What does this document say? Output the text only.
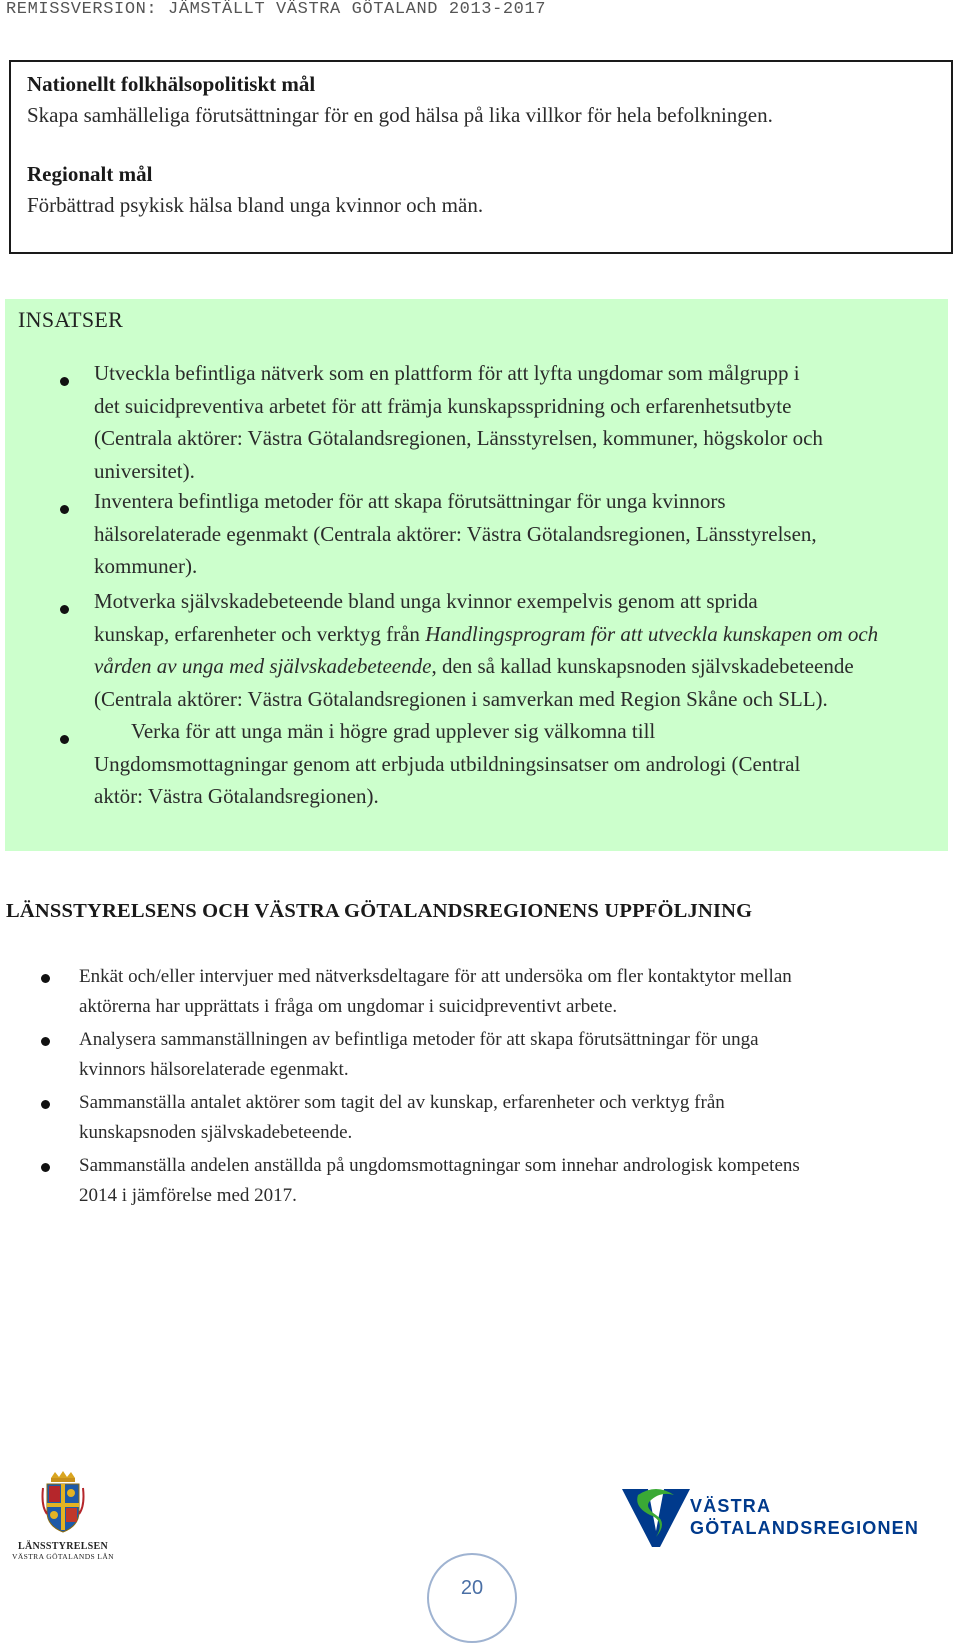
REMISSVERSION: JÄMSTÄLLT VÄSTRA GÖTALAND 2013-2017
Nationellt folkhälsopolitiskt mål
Skapa samhälleliga förutsättningar för en god hälsa på lika villkor för hela befolkningen.
Regionalt mål
Förbättrad psykisk hälsa bland unga kvinnor och män.
INSATSER
Utveckla befintliga nätverk som en plattform för att lyfta ungdomar som målgrupp i
det suicidpreventiva arbetet för att främja kunskapsspridning och erfarenhetsutbyte
(Centrala aktörer: Västra Götalandsregionen, Länsstyrelsen, kommuner, högskolor och
universitet).
Inventera befintliga metoder för att skapa förutsättningar för unga kvinnors
hälsorelaterade egenmakt (Centrala aktörer: Västra Götalandsregionen, Länsstyrelsen,
kommuner).
Motverka självskadebeteende bland unga kvinnor exempelvis genom att sprida
kunskap, erfarenheter och verktyg från Handlingsprogram för att utveckla kunskapen om och
vården av unga med självskadebeteende, den så kallad kunskapsnoden självskadebeteende
(Centrala aktörer: Västra Götalandsregionen i samverkan med Region Skåne och SLL).
Verka för att unga män i högre grad upplever sig välkomna till
Ungdomsmottagningar genom att erbjuda utbildningsinsatser om andrologi (Central
aktör: Västra Götalandsregionen).
LÄNSSTYRELSENS OCH VÄSTRA GÖTALANDSREGIONENS UPPFÖLJNING
Enkät och/eller intervjuer med nätverksdeltagare för att undersöka om fler kontaktytor mellan
aktörerna har upprättats i fråga om ungdomar i suicidpreventivt arbete.
Analysera sammanställningen av befintliga metoder för att skapa förutsättningar för unga
kvinnors hälsorelaterade egenmakt.
Sammanställa antalet aktörer som tagit del av kunskap, erfarenheter och verktyg från
kunskapsnoden självskadebeteende.
Sammanställa andelen anställda på ungdomsmottagningar som innehar andrologisk kompetens
2014 i jämförelse med 2017.
LÄNSSTYRELSEN
VÄSTRA GÖTALANDS LÄN
VÄSTRA
GÖTALANDSREGIONEN
20
